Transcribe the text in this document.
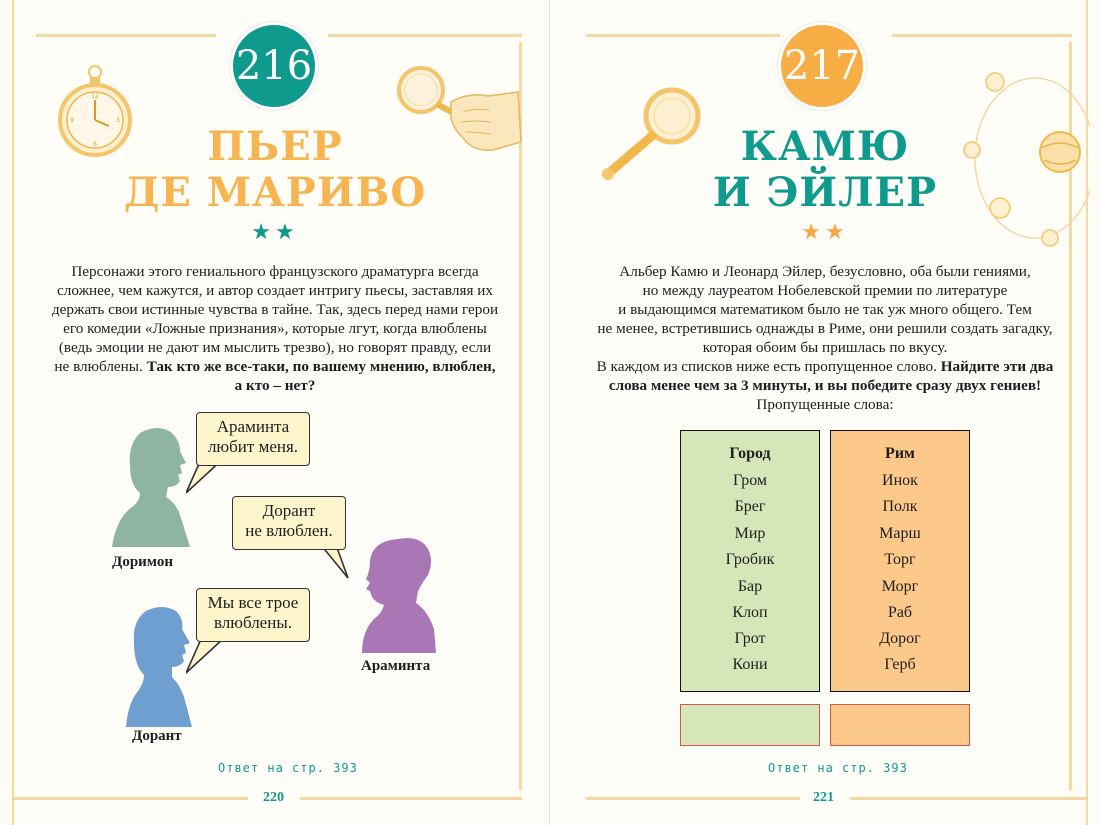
216
12
3
6
9
ПЬЕР
ДЕ МАРИВО
★★
Персонажи этого гениального французского драматурга всегда
сложнее, чем кажутся, и автор создает интригу пьесы, заставляя их
держать свои истинные чувства в тайне. Так, здесь перед нами герои
его комедии «Ложные признания», которые лгут, когда влюблены
(ведь эмоции не дают им мыслить трезво), но говорят правду, если
не влюблены. Так кто же все-таки, по вашему мнению, влюблен,
а кто – нет?
Доримон
Араминта
любит меня.
Дорант
не влюблен.
Араминта
Мы все трое
влюблены.
Дорант
Ответ на стр. 393
220
217
КАМЮ
И ЭЙЛЕР
★★
Альбер Камю и Леонард Эйлер, безусловно, оба были гениями,
но между лауреатом Нобелевской премии по литературе
и выдающимся математиком было не так уж много общего. Тем
не менее, встретившись однажды в Риме, они решили создать загадку,
которая обоим бы пришлась по вкусу.
В каждом из списков ниже есть пропущенное слово. Найдите эти два
слова менее чем за 3 минуты, и вы победите сразу двух гениев!
Пропущенные слова:
Город
Гром
Брег
Мир
Гробик
Бар
Клоп
Грот
Кони
Рим
Инок
Полк
Марш
Торг
Морг
Раб
Дорог
Герб
Ответ на стр. 393
221
